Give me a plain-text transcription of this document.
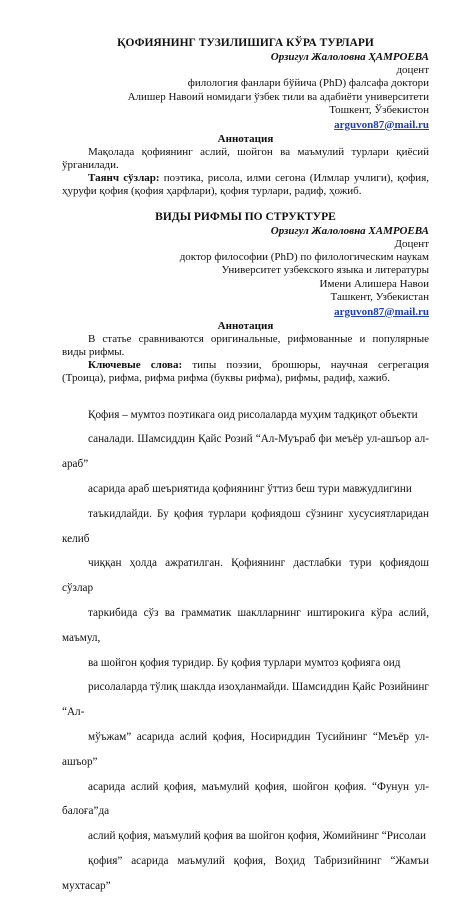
ҚОФИЯНИНГ ТУЗИЛИШИГА КЎРА ТУРЛАРИ
Орзигул Жалоловна ҲАМРОЕВА
доцент
филология фанлари бўйича (PhD) фалсафа доктори
Алишер Навоий номидаги ўзбек тили ва адабиёти университети
Тошкент, Ўзбекистон
arguvon87@mail.ru
Аннотация

Мақолада қофиянинг аслий, шойгон ва маъмулий турлари қиёсий ўрганилади.

Таянч сўзлар: поэтика, рисола, илми сегона (Илмлар учлиги), қофия, ҳуруфи қофия (қофия ҳарфлари), қофия турлари, радиф, ҳожиб.

ВИДЫ РИФМЫ ПО СТРУКТУРЕ
Орзигул Жалоловна ХАМРОЕВА
Доцент
доктор философии (PhD) по филологическим наукам
Университет узбекского языка и литературы
Имени Алишера Навои
Ташкент, Узбекистан
arguvon87@mail.ru
Аннотация

В статье сравниваются оригинальные, рифмованные и популярные виды рифмы.

Ключевые слова: типы поэзии, брошюры, научная сегрегация (Троица), рифма, рифма рифма (буквы рифма), рифмы, радиф, хажиб.

Қофия – мумтоз поэтикага оид рисолаларда муҳим тадқиқот объекти
саналади. Шамсиддин Қайс Розий “Ал-Муъраб фи меъёр ул-ашъор ал-араб”
асарида араб шеъриятида қофиянинг ўттиз беш тури мавжудлигини
таъкидлайди. Бу қофия турлари қофиядош сўзнинг хусусиятларидан келиб
чиққан ҳолда ажратилган. Қофиянинг дастлабки тури қофиядош сўзлар
таркибида сўз ва грамматик шаклларнинг иштирокига кўра аслий, маъмул,
ва шойгон қофия туридир. Бу қофия турлари мумтоз қофияга оид
рисолаларда тўлиқ шаклда изоҳланмайди. Шамсиддин Қайс Розийнинг “Ал-
мўъжам” асарида аслий қофия, Носириддин Тусийнинг “Меъёр ул-ашъор”
асарида аслий қофия, маъмулий қофия, шойгон қофия. “Фунун ул-балоға”да
аслий қофия, маъмулий қофия ва шойгон қофия, Жомийнинг “Рисолаи
қофия” асарида маъмулий қофия, Воҳид Табризийнинг “Жамъи мухтасар”
